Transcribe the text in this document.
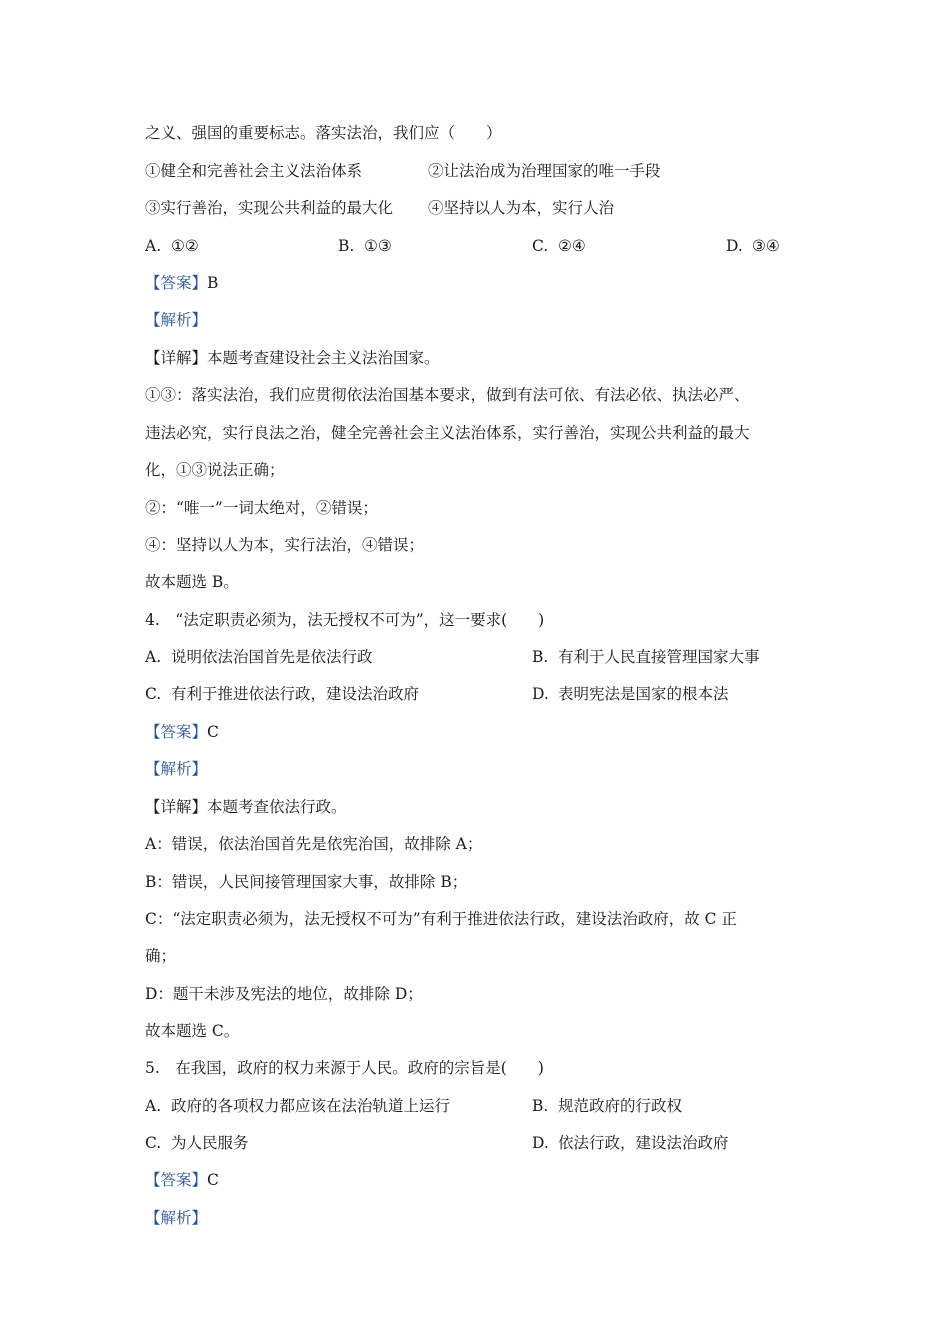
之义、强国的重要标志。落实法治，我们应（　　）
①健全和完善社会主义法治体系	②让法治成为治理国家的唯一手段
③实行善治，实现公共利益的最大化 ④坚持以人为本，实行人治
A. ①②	B. ①③	C. ②④	D. ③④
【答案】B
【解析】
【详解】本题考查建设社会主义法治国家。
①③：落实法治，我们应贯彻依法治国基本要求，做到有法可依、有法必依、执法必严、
违法必究，实行良法之治，健全完善社会主义法治体系，实行善治，实现公共利益的最大
化，①③说法正确；
②：“唯一”一词太绝对，②错误；
④：坚持以人为本，实行法治，④错误；
故本题选 B。
4.　“法定职责必须为，法无授权不可为”，这一要求(　　)
A. 说明依法治国首先是依法行政	B. 有利于人民直接管理国家大事
C. 有利于推进依法行政，建设法治政府	D. 表明宪法是国家的根本法
【答案】C
【解析】
【详解】本题考查依法行政。
A：错误，依法治国首先是依宪治国，故排除 A；
B：错误，人民间接管理国家大事，故排除 B；
C：“法定职责必须为，法无授权不可为”有利于推进依法行政，建设法治政府，故 C 正
确；
D：题干未涉及宪法的地位，故排除 D；
故本题选 C。
5.　在我国，政府的权力来源于人民。政府的宗旨是(　　)
A. 政府的各项权力都应该在法治轨道上运行	B. 规范政府的行政权
C. 为人民服务	D. 依法行政，建设法治政府
【答案】C
【解析】
